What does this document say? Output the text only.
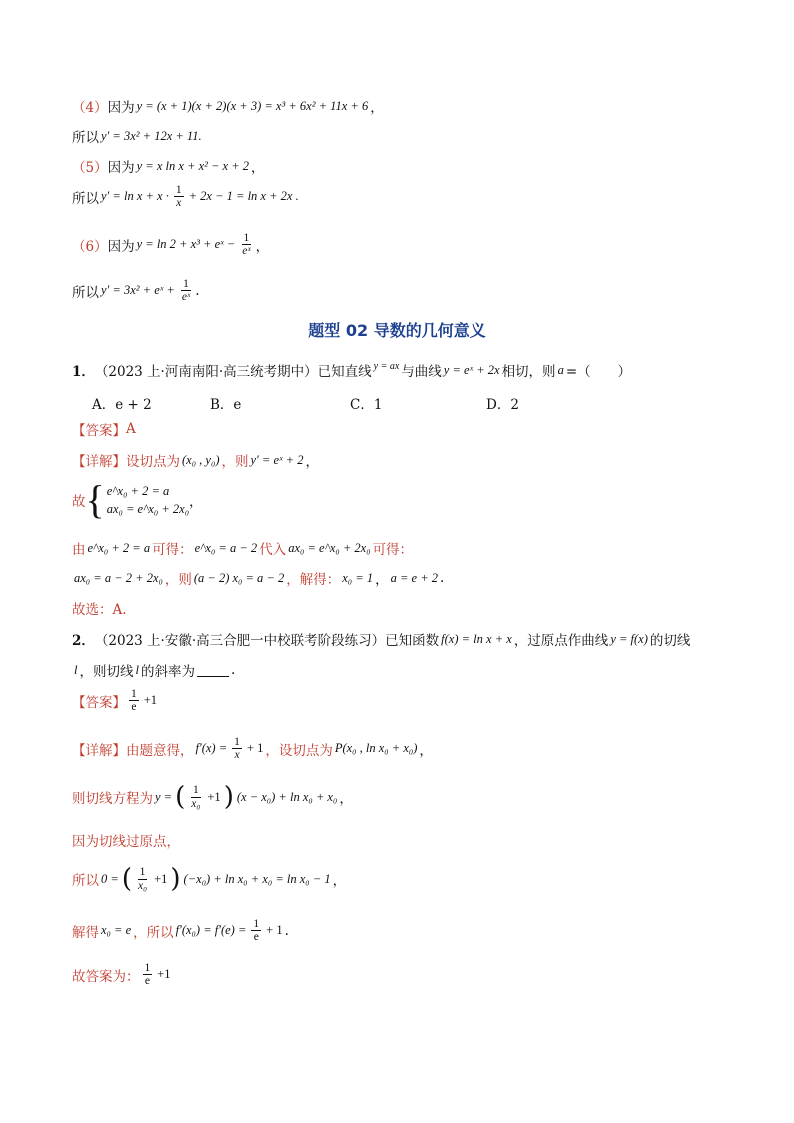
（4） 因为 y = (x + 1)(x + 2)(x + 3) = x³ + 6x² + 11x + 6 ，
所以 y′ = 3x² + 12x + 11.
（5） 因为 y = x ln x + x² − x + 2 ，
所以 $y' = \ln x + x \cdot \frac{1}{x} + 2x - 1 = \ln x + 2x$ .
（6） 因为 y = ln 2 + x³ + eˣ − $\frac{1}{\text{eˣ}}$ ，
所以 y′ = 3x² + eˣ + $\frac{1}{\text{eˣ}}$ .
题型 02 导数的几何意义
1． （2023 上·河南南阳·高三统考期中） 已知直线 y = ax 与曲线 y = eˣ + 2x 相切，则 a =（　　）
A．e + 2	B．e	C．1	D．2
【答案】 A
【详解】 设切点为 (x₀ , y₀) ，则 y′ = eˣ + 2 ，
故 { e^x₀ + 2 = a
ax₀ = e^x₀ + 2x₀ ，
由 e^x₀ + 2 = a 可得： e^x₀ = a − 2 代入 ax₀ = e^x₀ + 2x₀ 可得：
ax₀ = a − 2 + 2x₀ ，则 (a − 2) x₀ = a − 2 ，解得： x₀ = 1 ， a = e + 2 .
故选：A.
2． （2023 上·安徽·高三合肥一中校联考阶段练习） 已知函数 f(x) = ln x + x ，过原点作曲线 y = f(x) 的切线
l ，则切线 l 的斜率为	.
【答案】 $\frac{1}{e} +1$
【详解】 由题意得， $f'(x) = \frac{1}{x} + 1$ ，设切点为 P(x₀ , ln x₀ + x₀) ，
则切线方程为 y = ( $\frac{1}{\text{x₀}} +1$ ) (x − x₀) + ln x₀ + x₀ ，
因为切线过原点，
所以 0 = ( $\frac{1}{\text{x₀}} +1$ ) (−x₀) + ln x₀ + x₀ = ln x₀ − 1 ，
解得 x₀ = e ，所以 $f'(x_0) = f'(e) = \frac{1}{e} + 1$ .
故答案为： $\frac{1}{e} +1$
